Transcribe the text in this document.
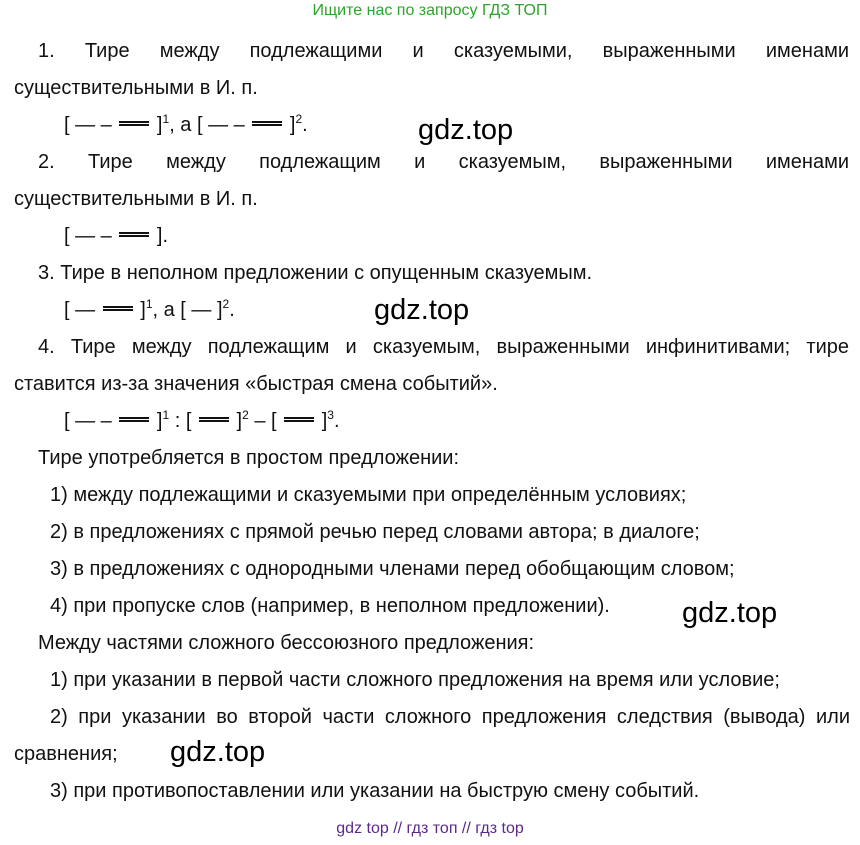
Ищите нас по запросу ГДЗ ТОП
1. Тире между подлежащими и сказуемыми, выраженными именами
существительными в И. п.
[ — –  ]$^1$, а [ — –  ]$^2$.	gdz.top
2. Тире между подлежащим и сказуемым, выраженными именами
существительными в И. п.
[ — –  ].
3. Тире в неполном предложении с опущенным сказуемым.
[ —  ]$^1$, а [ — ]$^2$.	gdz.top
4. Тире между подлежащим и сказуемым, выраженными инфинитивами; тире
ставится из-за значения «быстрая смена событий».
[ — –  ]$^1$ : [  ]$^2$ – [  ]$^3$.
Тире употребляется в простом предложении:
1) между подлежащими и сказуемыми при определённым условиях;
2) в предложениях с прямой речью перед словами автора; в диалоге;
3) в предложениях с однородными членами перед обобщающим словом;
4) при пропуске слов (например, в неполном предложении). gdz.top
Между частями сложного бессоюзного предложения:
1) при указании в первой части сложного предложения на время или условие;
2) при указании во второй части сложного предложения следствия (вывода) или
сравнения; gdz.top
3) при противопоставлении или указании на быструю смену событий.
gdz top // гдз топ // гдз top
